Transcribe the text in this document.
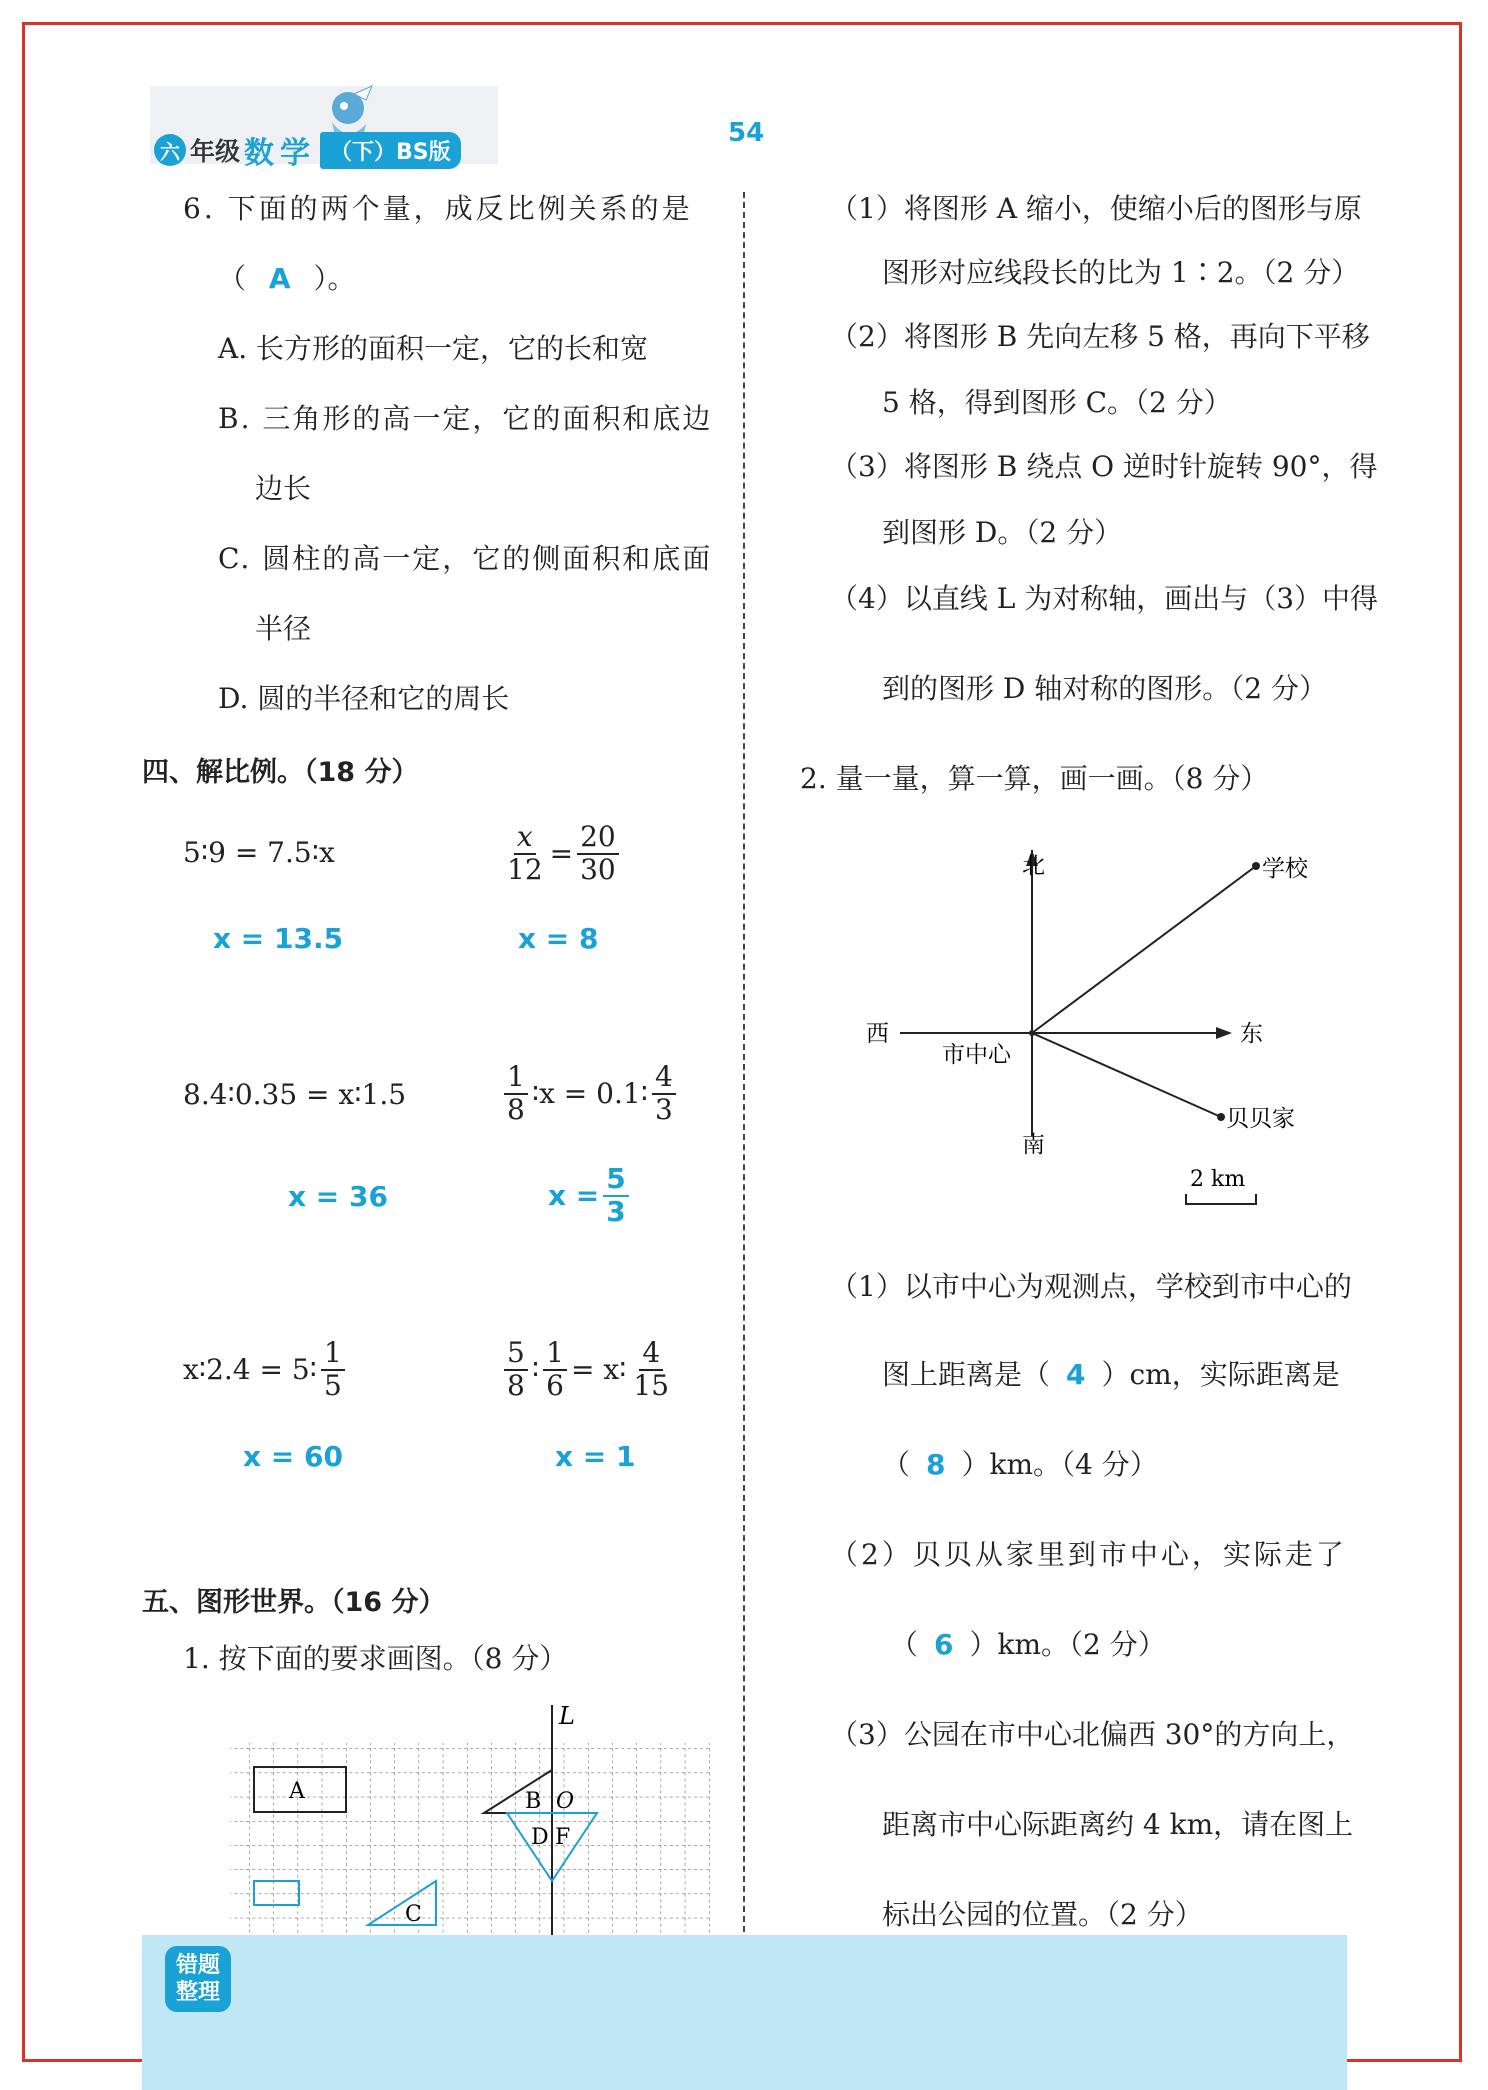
六 年级 数学 （下）BS版
54
6. 下面的两个量，成反比例关系的是
（ A ）。
A. 长方形的面积一定，它的长和宽
B. 三角形的高一定，它的面积和底边
边长
C. 圆柱的高一定，它的侧面积和底面
半径
D. 圆的半径和它的周长
四、解比例。（18 分）
5∶9 = 7.5∶x
x = 13.5
$\frac{x}{12} = \frac{20}{30}$
x = 8
8.4∶0.35 = x∶1.5
x = 36
$\frac{1}{8}$ ∶x = 0.1∶ $\frac{4}{3}$
$x = \frac{5}{3}$
x∶2.4 = 5∶ $\frac{1}{5}$
x = 60
$\frac{5}{8}$ ∶ $\frac{1}{6}$ = x∶ $\frac{4}{15}$
x = 1
五、图形世界。（16 分）
1. 按下面的要求画图。（8 分）
L
A	B O
D F
C
（1）将图形 A 缩小，使缩小后的图形与原
图形对应线段长的比为 1∶2。（2 分）
（2）将图形 B 先向左移 5 格，再向下平移
5 格，得到图形 C。（2 分）
（3）将图形 B 绕点 O 逆时针旋转 90°，得
到图形 D。（2 分）
（4）以直线 L 为对称轴，画出与（3）中得
到的图形 D 轴对称的图形。（2 分）
2. 量一量，算一算，画一画。（8 分）
北
南
东
西
市中心
学校
贝贝家
2 km
（1）以市中心为观测点，学校到市中心的
图上距离是（ 4 ）cm，实际距离是
（ 8 ）km。（4 分）
（2）贝贝从家里到市中心，实际走了
（ 6 ）km。（2 分）
（3）公园在市中心北偏西 30°的方向上，
距离市中心际距离约 4 km，请在图上
标出公园的位置。（2 分）
错题
整理
